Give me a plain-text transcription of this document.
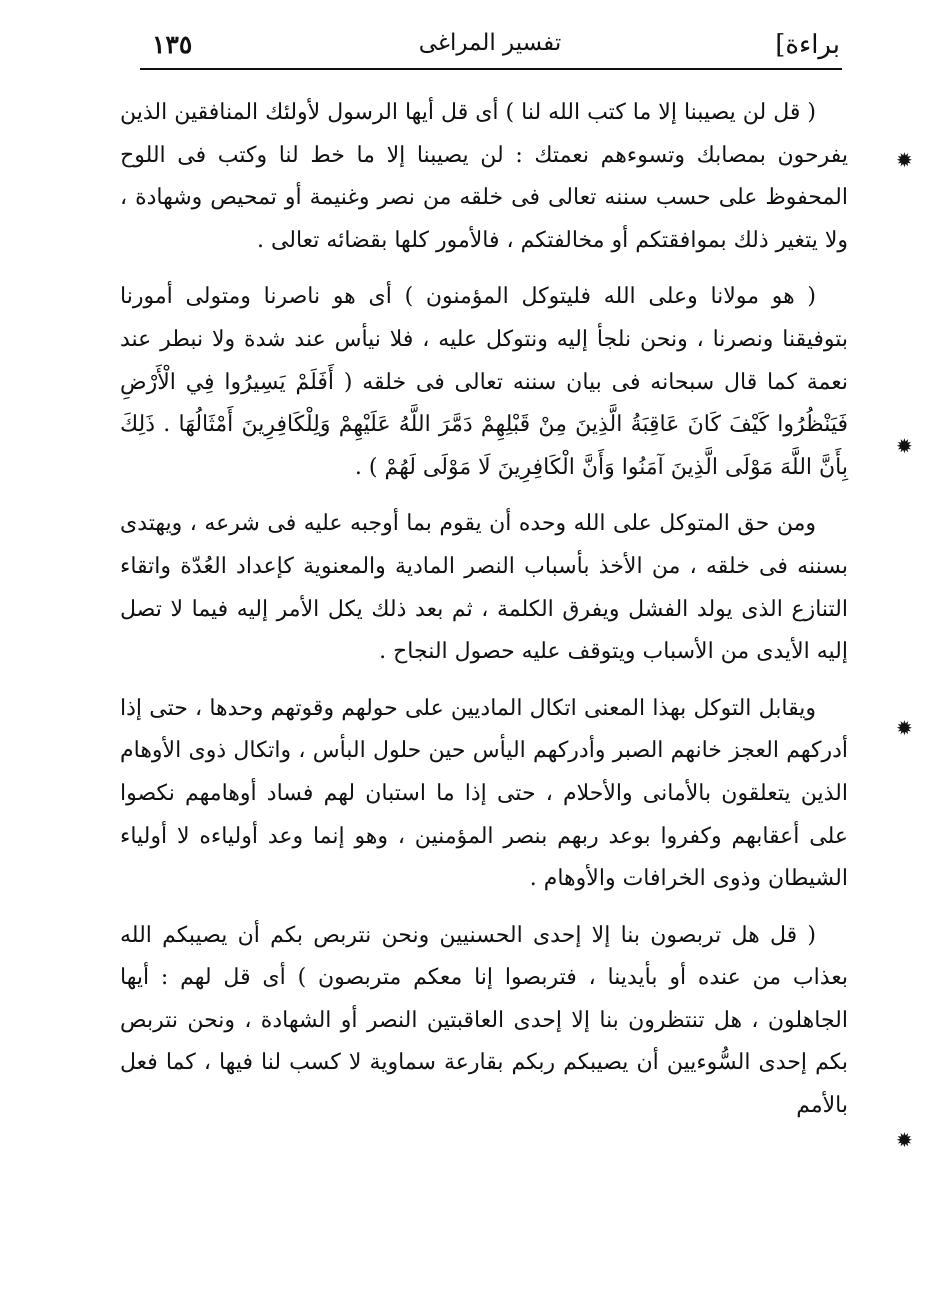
براءة]
تفسير المراغى
١٣٥

( قل لن يصيبنا إلا ما كتب الله لنا ) أى قل أيها الرسول لأولئك المنافقين الذين يفرحون بمصابك وتسوءهم نعمتك : لن يصيبنا إلا ما خط لنا وكتب فى اللوح المحفوظ على حسب سننه تعالى فى خلقه من نصر وغنيمة أو تمحيص وشهادة ، ولا يتغير ذلك بموافقتكم أو مخالفتكم ، فالأمور كلها بقضائه تعالى .

( هو مولانا وعلى الله فليتوكل المؤمنون ) أى هو ناصرنا ومتولى أمورنا بتوفيقنا ونصرنا ، ونحن نلجأ إليه ونتوكل عليه ، فلا نيأس عند شدة ولا نبطر عند نعمة كما قال سبحانه فى بيان سننه تعالى فى خلقه ( أَفَلَمْ يَسِيرُوا فِي الْأَرْضِ فَيَنْظُرُوا كَيْفَ كَانَ عَاقِبَةُ الَّذِينَ مِنْ قَبْلِهِمْ دَمَّرَ اللَّهُ عَلَيْهِمْ وَلِلْكَافِرِينَ أَمْثَالُهَا . ذَلِكَ بِأَنَّ اللَّهَ مَوْلَى الَّذِينَ آمَنُوا وَأَنَّ الْكَافِرِينَ لَا مَوْلَى لَهُمْ ) .

ومن حق المتوكل على الله وحده أن يقوم بما أوجبه عليه فى شرعه ، ويهتدى بسننه فى خلقه ، من الأخذ بأسباب النصر المادية والمعنوية كإعداد العُدّة واتقاء التنازع الذى يولد الفشل ويفرق الكلمة ، ثم بعد ذلك يكل الأمر إليه فيما لا تصل إليه الأيدى من الأسباب ويتوقف عليه حصول النجاح .

ويقابل التوكل بهذا المعنى اتكال الماديين على حولهم وقوتهم وحدها ، حتى إذا أدركهم العجز خانهم الصبر وأدركهم اليأس حين حلول البأس ، واتكال ذوى الأوهام الذين يتعلقون بالأمانى والأحلام ، حتى إذا ما استبان لهم فساد أوهامهم نكصوا على أعقابهم وكفروا بوعد ربهم بنصر المؤمنين ، وهو إنما وعد أولياءه لا أولياء الشيطان وذوى الخرافات والأوهام .

( قل هل تربصون بنا إلا إحدى الحسنيين ونحن نتربص بكم أن يصيبكم الله بعذاب من عنده أو بأيدينا ، فتربصوا إنا معكم متربصون ) أى قل لهم : أيها الجاهلون ، هل تنتظرون بنا إلا إحدى العاقبتين النصر أو الشهادة ، ونحن نتربص بكم إحدى السُّوءيين أن يصيبكم ربكم بقارعة سماوية لا كسب لنا فيها ، كما فعل بالأمم

✹
✹
✹
✹
